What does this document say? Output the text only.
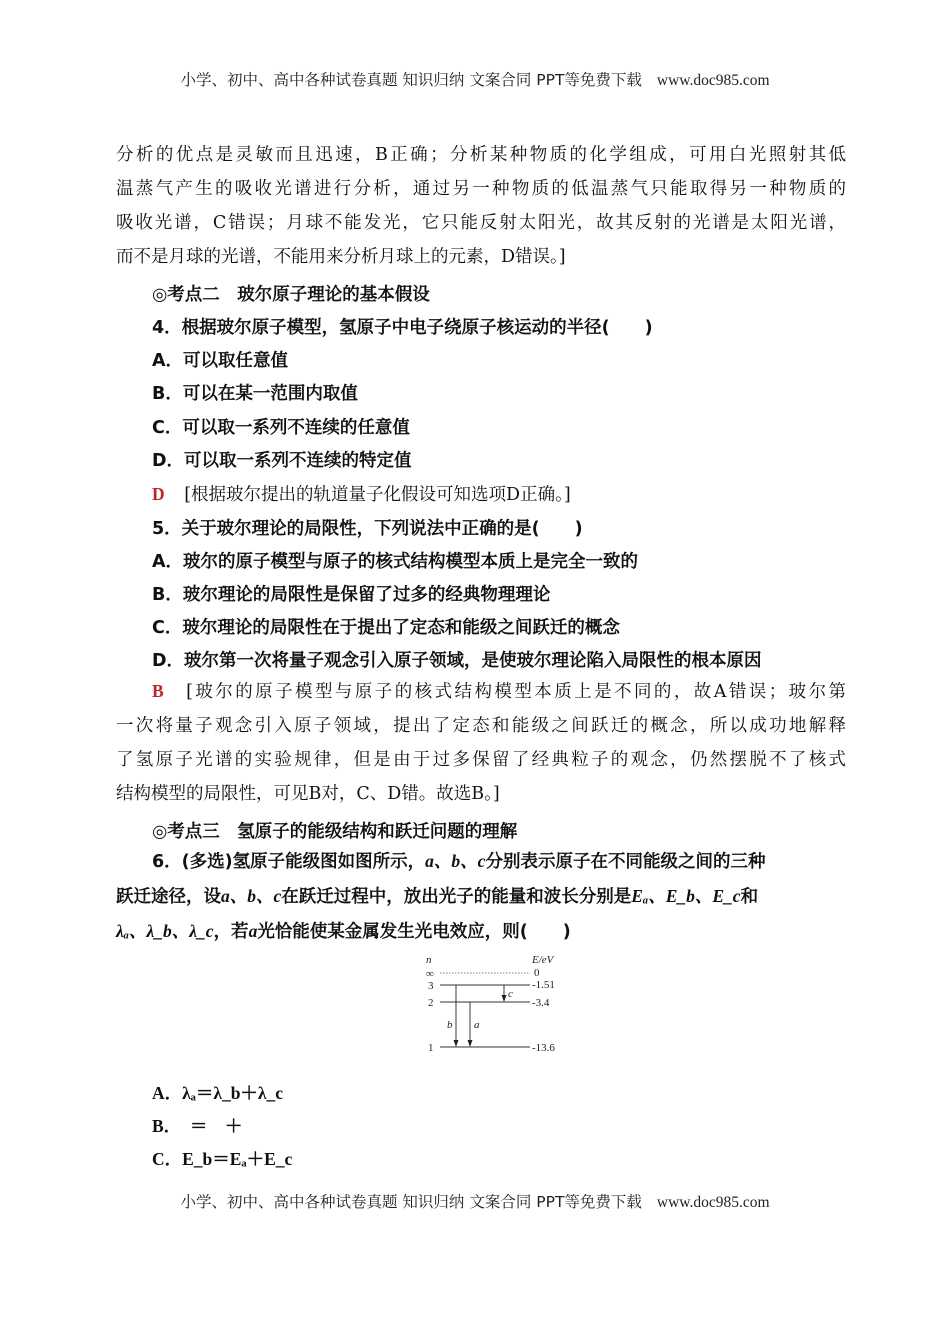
小学、初中、高中各种试卷真题 知识归纳 文案合同 PPT等免费下载 www.doc985.com
分析的优点是灵敏而且迅速，B正确；分析某种物质的化学组成，可用白光照射其低
温蒸气产生的吸收光谱进行分析，通过另一种物质的低温蒸气只能取得另一种物质的
吸收光谱，C错误；月球不能发光，它只能反射太阳光，故其反射的光谱是太阳光谱，
而不是月球的光谱，不能用来分析月球上的元素，D错误。]
◎考点二　玻尔原子理论的基本假设
4．根据玻尔原子模型，氢原子中电子绕原子核运动的半径(　　)
A．可以取任意值
B．可以在某一范围内取值
C．可以取一系列不连续的任意值
D．可以取一系列不连续的特定值
D [根据玻尔提出的轨道量子化假设可知选项D正确。]
5．关于玻尔理论的局限性，下列说法中正确的是(　　)
A．玻尔的原子模型与原子的核式结构模型本质上是完全一致的
B．玻尔理论的局限性是保留了过多的经典物理理论
C．玻尔理论的局限性在于提出了定态和能级之间跃迁的概念
D．玻尔第一次将量子观念引入原子领域，是使玻尔理论陷入局限性的根本原因
B　 [玻尔的原子模型与原子的核式结构模型本质上是不同的，故A错误；玻尔第
一次将量子观念引入原子领域，提出了定态和能级之间跃迁的概念，所以成功地解释
了氢原子光谱的实验规律，但是由于过多保留了经典粒子的观念，仍然摆脱不了核式
结构模型的局限性，可见B对，C、D错。故选B。]
◎考点三　氢原子的能级结构和跃迁问题的理解
6．(多选)氢原子能级图如图所示，a、b、c分别表示原子在不同能级之间的三种
跃迁途径，设a、b、c在跃迁过程中，放出光子的能量和波长分别是Eₐ、E_b、E_c和
λₐ、λ_b、λ_c，若a光恰能使某金属发生光电效应，则(　　)
n	E/eV
∞
3
2
1
0
-1.51
-3.4
-13.6
b a
c
A．λₐ＝λ_b＋λ_c
B．　＝　＋
C．E_b＝Eₐ＋E_c
小学、初中、高中各种试卷真题 知识归纳 文案合同 PPT等免费下载 www.doc985.com
